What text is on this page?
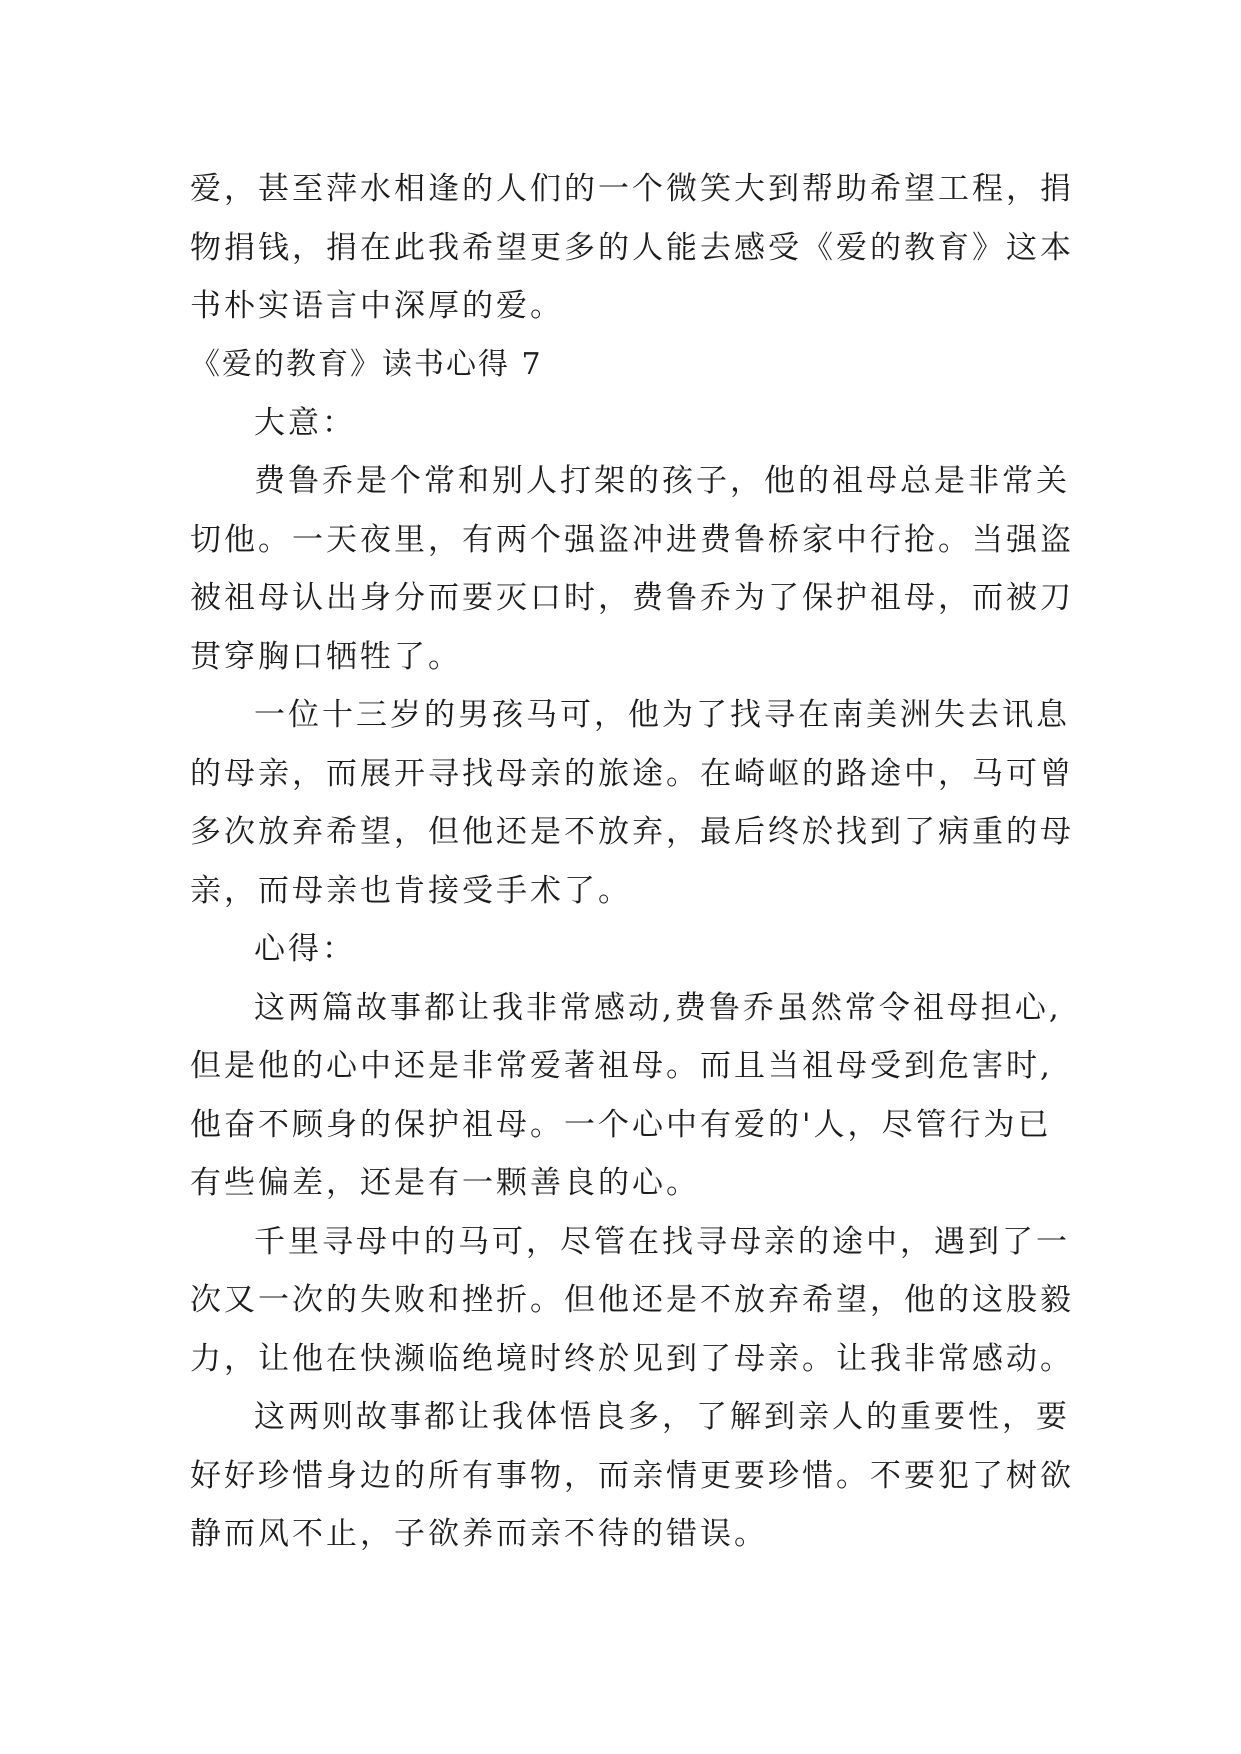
爱，甚至萍水相逢的人们的一个微笑大到帮助希望工程，捐
物捐钱，捐在此我希望更多的人能去感受《爱的教育》这本
书朴实语言中深厚的爱。

《爱的教育》读书心得 7

大意：

费鲁乔是个常和别人打架的孩子，他的祖母总是非常关
切他。一天夜里，有两个强盗冲进费鲁桥家中行抢。当强盗
被祖母认出身分而要灭口时，费鲁乔为了保护祖母，而被刀
贯穿胸口牺牲了。

一位十三岁的男孩马可，他为了找寻在南美洲失去讯息
的母亲，而展开寻找母亲的旅途。在崎岖的路途中，马可曾
多次放弃希望，但他还是不放弃，最后终於找到了病重的母
亲，而母亲也肯接受手术了。

心得：

这两篇故事都让我非常感动,费鲁乔虽然常令祖母担心,
但是他的心中还是非常爱著祖母。而且当祖母受到危害时,
他奋不顾身的保护祖母。一个心中有爱的'人，尽管行为已
有些偏差，还是有一颗善良的心。

千里寻母中的马可，尽管在找寻母亲的途中，遇到了一
次又一次的失败和挫折。但他还是不放弃希望，他的这股毅
力，让他在快濒临绝境时终於见到了母亲。让我非常感动。

这两则故事都让我体悟良多，了解到亲人的重要性，要
好好珍惜身边的所有事物，而亲情更要珍惜。不要犯了树欲
静而风不止，子欲养而亲不待的错误。
